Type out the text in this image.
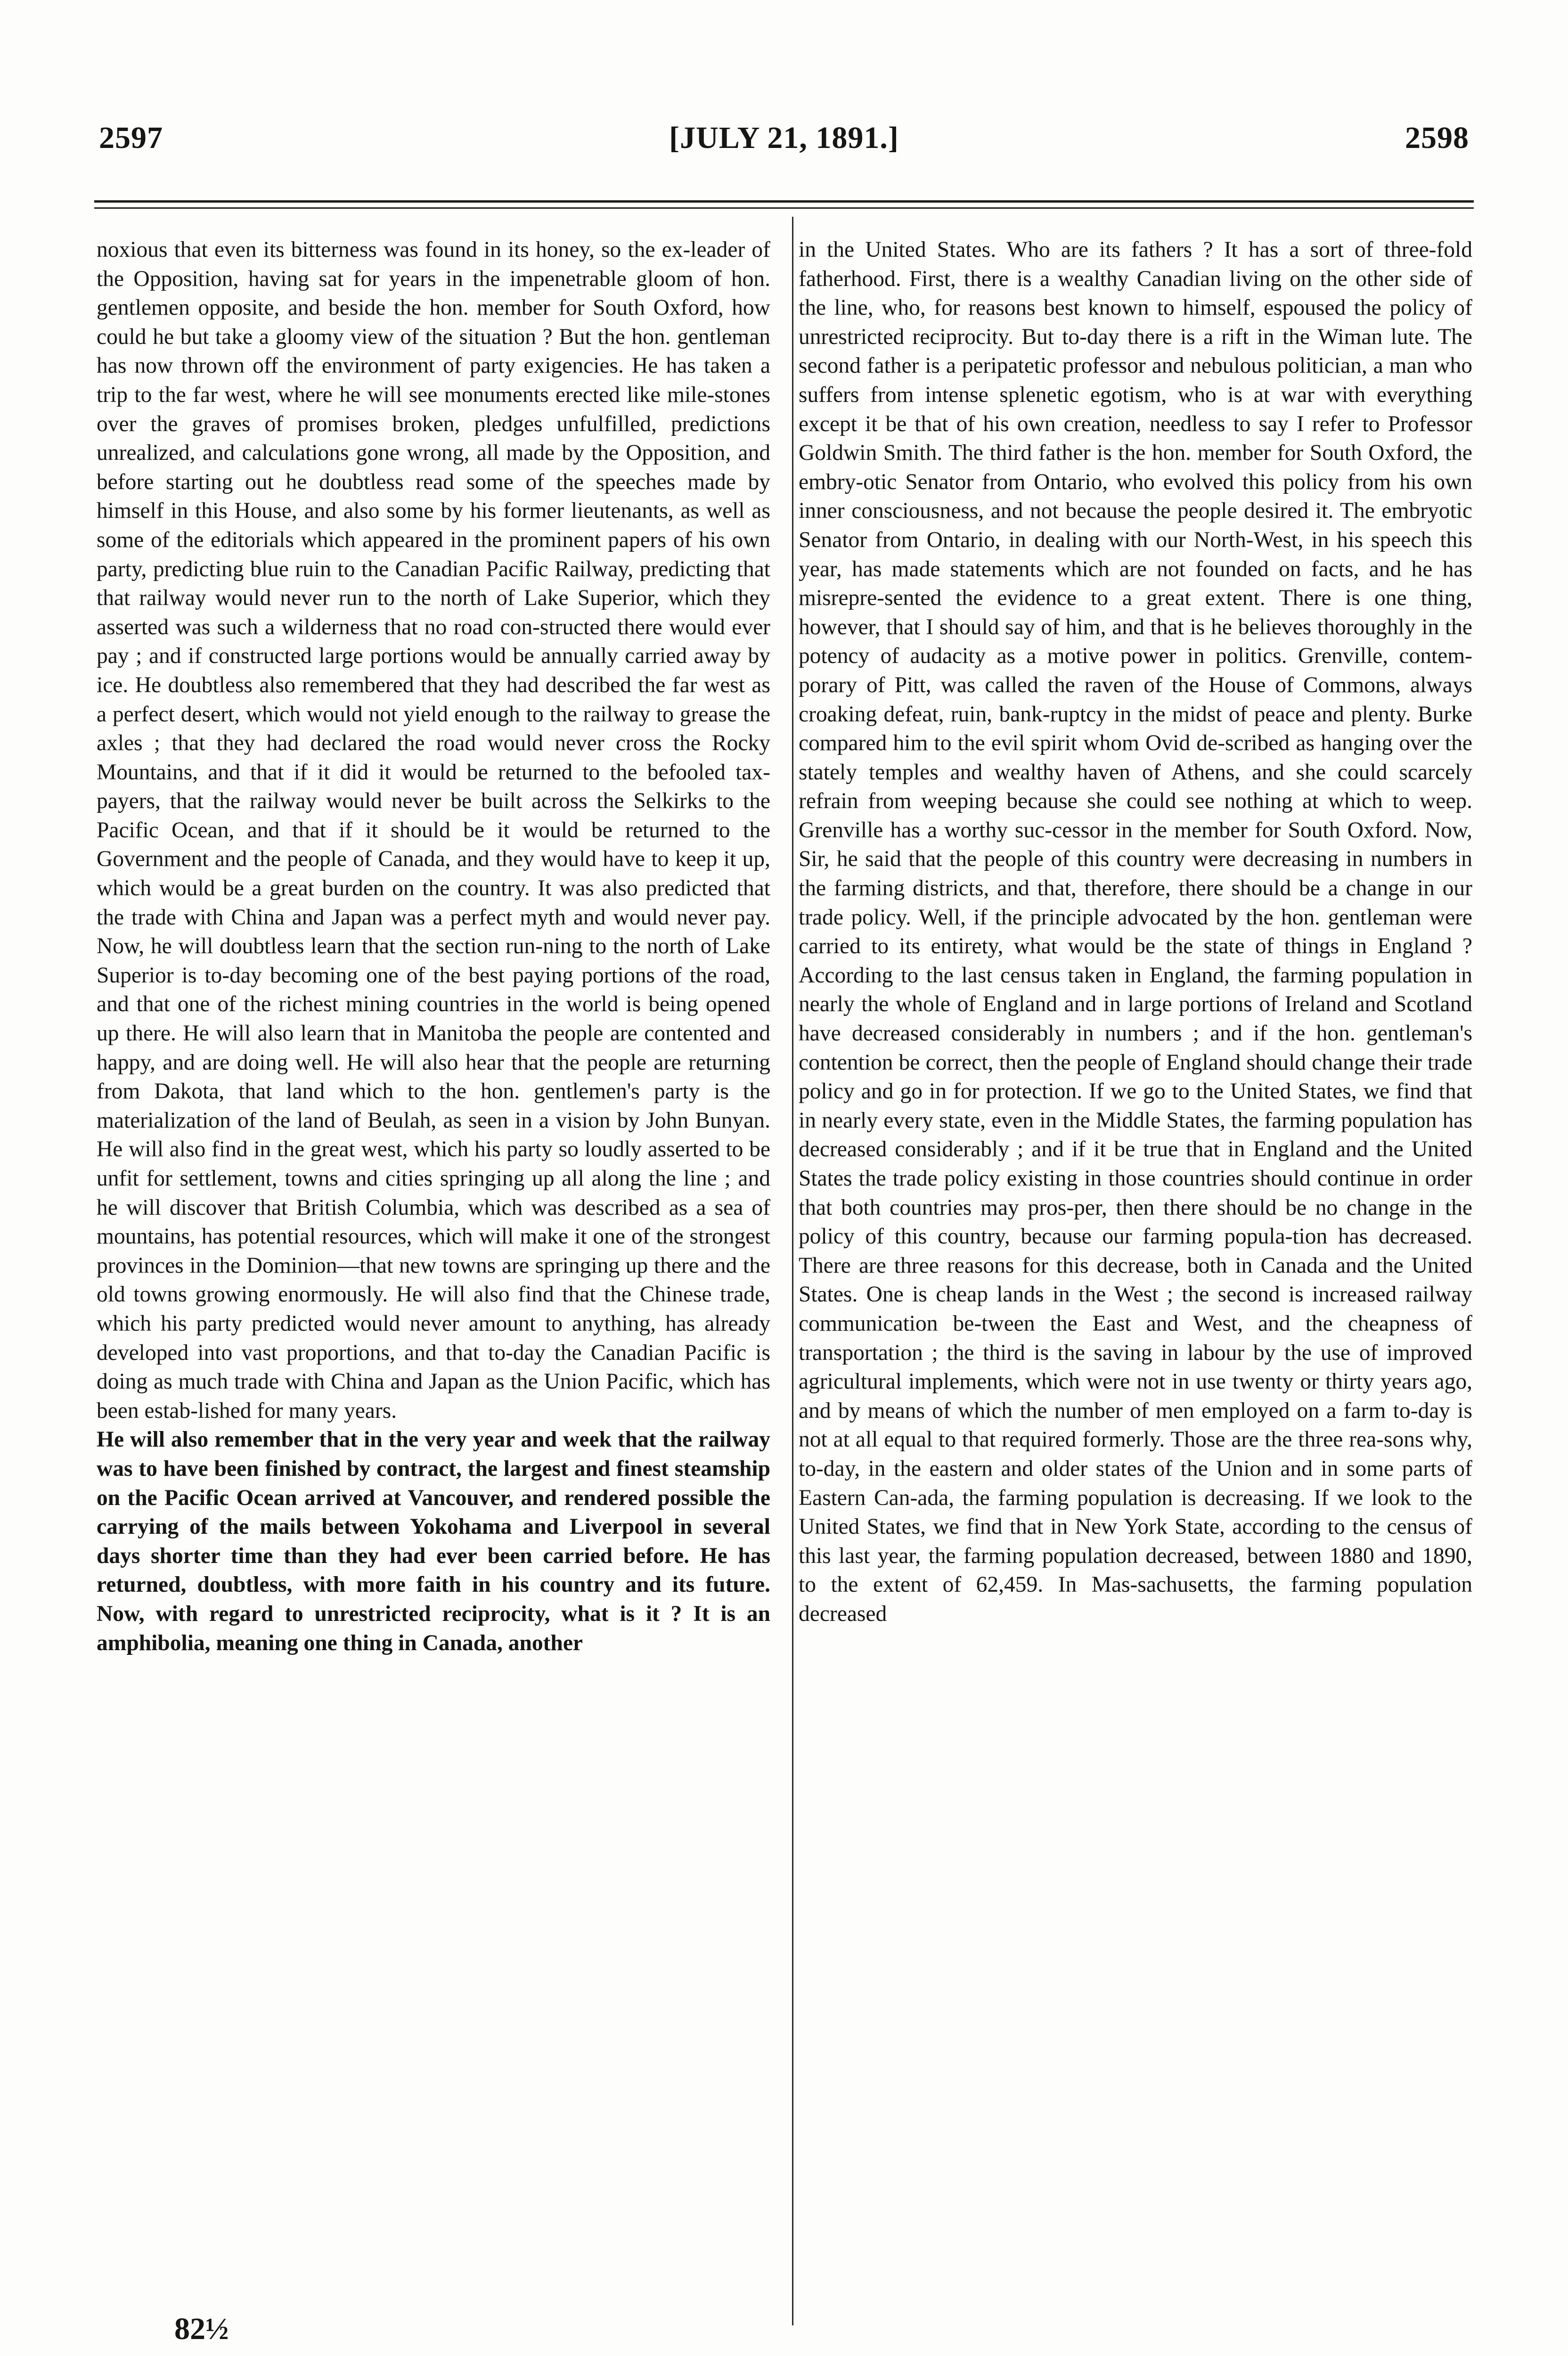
2597	[JULY 21, 1891.]	2598

noxious that even its bitterness was found in its honey, so the ex-leader of the Opposition, having sat for years in the impenetrable gloom of hon. gentlemen opposite, and beside the hon. member for South Oxford, how could he but take a gloomy view of the situation ? But the hon. gentleman has now thrown off the environment of party exigencies. He has taken a trip to the far west, where he will see monuments erected like mile-stones over the graves of promises broken, pledges unfulfilled, predictions unrealized, and calculations gone wrong, all made by the Opposition, and before starting out he doubtless read some of the speeches made by himself in this House, and also some by his former lieutenants, as well as some of the editorials which appeared in the prominent papers of his own party, predicting blue ruin to the Canadian Pacific Railway, predicting that that railway would never run to the north of Lake Superior, which they asserted was such a wilderness that no road con-structed there would ever pay ; and if constructed large portions would be annually carried away by ice. He doubtless also remembered that they had described the far west as a perfect desert, which would not yield enough to the railway to grease the axles ; that they had declared the road would never cross the Rocky Mountains, and that if it did it would be returned to the befooled tax-payers, that the railway would never be built across the Selkirks to the Pacific Ocean, and that if it should be it would be returned to the Government and the people of Canada, and they would have to keep it up, which would be a great burden on the country. It was also predicted that the trade with China and Japan was a perfect myth and would never pay. Now, he will doubtless learn that the section run-ning to the north of Lake Superior is to-day becoming one of the best paying portions of the road, and that one of the richest mining countries in the world is being opened up there. He will also learn that in Manitoba the people are contented and happy, and are doing well. He will also hear that the people are returning from Dakota, that land which to the hon. gentlemen's party is the materialization of the land of Beulah, as seen in a vision by John Bunyan. He will also find in the great west, which his party so loudly asserted to be unfit for settlement, towns and cities springing up all along the line ; and he will discover that British Columbia, which was described as a sea of mountains, has potential resources, which will make it one of the strongest provinces in the Dominion—that new towns are springing up there and the old towns growing enormously. He will also find that the Chinese trade, which his party predicted would never amount to anything, has already developed into vast proportions, and that to-day the Canadian Pacific is doing as much trade with China and Japan as the Union Pacific, which has been estab-lished for many years.

He will also remember that in the very year and week that the railway was to have been finished by contract, the largest and finest steamship on the Pacific Ocean arrived at Vancouver, and rendered possible the carrying of the mails between Yokohama and Liverpool in several days shorter time than they had ever been carried before. He has returned, doubtless, with more faith in his country and its future. Now, with regard to unrestricted reciprocity, what is it ? It is an amphibolia, meaning one thing in Canada, another

in the United States. Who are its fathers ? It has a sort of three-fold fatherhood. First, there is a wealthy Canadian living on the other side of the line, who, for reasons best known to himself, espoused the policy of unrestricted reciprocity. But to-day there is a rift in the Wiman lute. The second father is a peripatetic professor and nebulous politician, a man who suffers from intense splenetic egotism, who is at war with everything except it be that of his own creation, needless to say I refer to Professor Goldwin Smith. The third father is the hon. member for South Oxford, the embry-otic Senator from Ontario, who evolved this policy from his own inner consciousness, and not because the people desired it. The embryotic Senator from Ontario, in dealing with our North-West, in his speech this year, has made statements which are not founded on facts, and he has misrepre-sented the evidence to a great extent. There is one thing, however, that I should say of him, and that is he believes thoroughly in the potency of audacity as a motive power in politics. Grenville, contem-porary of Pitt, was called the raven of the House of Commons, always croaking defeat, ruin, bank-ruptcy in the midst of peace and plenty. Burke compared him to the evil spirit whom Ovid de-scribed as hanging over the stately temples and wealthy haven of Athens, and she could scarcely refrain from weeping because she could see nothing at which to weep. Grenville has a worthy suc-cessor in the member for South Oxford. Now, Sir, he said that the people of this country were decreasing in numbers in the farming districts, and that, therefore, there should be a change in our trade policy. Well, if the principle advocated by the hon. gentleman were carried to its entirety, what would be the state of things in England ? According to the last census taken in England, the farming population in nearly the whole of England and in large portions of Ireland and Scotland have decreased considerably in numbers ; and if the hon. gentleman's contention be correct, then the people of England should change their trade policy and go in for protection. If we go to the United States, we find that in nearly every state, even in the Middle States, the farming population has decreased considerably ; and if it be true that in England and the United States the trade policy existing in those countries should continue in order that both countries may pros-per, then there should be no change in the policy of this country, because our farming popula-tion has decreased. There are three reasons for this decrease, both in Canada and the United States. One is cheap lands in the West ; the second is increased railway communication be-tween the East and West, and the cheapness of transportation ; the third is the saving in labour by the use of improved agricultural implements, which were not in use twenty or thirty years ago, and by means of which the number of men employed on a farm to-day is not at all equal to that required formerly. Those are the three rea-sons why, to-day, in the eastern and older states of the Union and in some parts of Eastern Can-ada, the farming population is decreasing. If we look to the United States, we find that in New York State, according to the census of this last year, the farming population decreased, between 1880 and 1890, to the extent of 62,459. In Mas-sachusetts, the farming population decreased

82½
